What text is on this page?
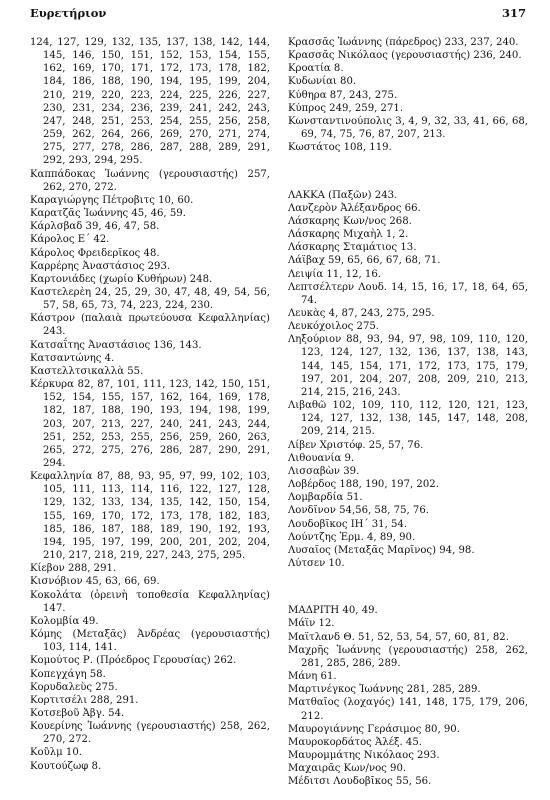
Ευρετήριον	317

124, 127, 129, 132, 135, 137, 138, 142, 144, 145, 146, 150, 151, 152, 153, 154, 155, 162, 169, 170, 171, 172, 173, 178, 182, 184, 186, 188, 190, 194, 195, 199, 204, 210, 219, 220, 223, 224, 225, 226, 227, 230, 231, 234, 236, 239, 241, 242, 243, 247, 248, 251, 253, 254, 255, 256, 258, 259, 262, 264, 266, 269, 270, 271, 274, 275, 277, 278, 286, 287, 288, 289, 291, 292, 293, 294, 295.

Καππάδοκας Ἰωάννης (γερουσιαστής) 257, 262, 270, 272.

Καραγιώργης Πέτροβιτς 10, 60.

Καρατζᾶς Ἰωάννης 45, 46, 59.

Κάρλσβαδ 39, 46, 47, 58.

Κάρολος Ε΄ 42.

Κάρολος Φρειδερῖκος 48.

Καρρέρης Ἀναστάσιος 293.

Καρτονιάδες (χωρίο Κυθήρων) 248.

Καστελερὲη 24, 25, 29, 30, 47, 48, 49, 54, 56, 57, 58, 65, 73, 74, 223, 224, 230.

Κάστρον (παλαιὰ πρωτεύουσα Κεφαλληνίας) 243.

Κατσαΐτης Ἀναστάσιος 136, 143.

Κατσαντώνης 4.

Καστελλτσικαλλὰ 55.

Κέρκυρα 82, 87, 101, 111, 123, 142, 150, 151, 152, 154, 155, 157, 162, 164, 169, 178, 182, 187, 188, 190, 193, 194, 198, 199, 203, 207, 213, 227, 240, 241, 243, 244, 251, 252, 253, 255, 256, 259, 260, 263, 265, 272, 275, 276, 286, 287, 290, 291, 294.

Κεφαλληνία 87, 88, 93, 95, 97, 99, 102, 103, 105, 111, 113, 114, 116, 122, 127, 128, 129, 132, 133, 134, 135, 142, 150, 154, 155, 169, 170, 172, 173, 178, 182, 183, 185, 186, 187, 188, 189, 190, 192, 193, 194, 195, 197, 199, 200, 201, 202, 204, 210, 217, 218, 219, 227, 243, 275, 295.

Κίεβον 288, 291.

Κισνόβιον 45, 63, 66, 69.

Κοκολάτα (ὀρεινὴ τοποθεσία Κεφαλληνίας) 147.

Κολομβία 49.

Κόμης (Μεταξᾶς) Ἀνδρέας (γερουσιαστής) 103, 114, 141.

Κομούτος Ρ. (Πρόεδρος Γερουσίας) 262.

Κοπεγχάγη 58.

Κορυδαλεὺς 275.

Κορτιτσέλι 288, 291.

Κοτσεβοῦ Ἀβγ. 54.

Κουερίνης Ἰωάννης (γερουσιαστής) 258, 262, 270, 272.

Κοῦλμ 10.

Κουτούζωφ 8.

Κρασσᾶς Ἰωάννης (πάρεδρος) 233, 237, 240.

Κρασσᾶς Νικόλαος (γερουσιαστής) 236, 240.

Κροατία 8.

Κυδωνίαι 80.

Κύθηρα 87, 243, 275.

Κύπρος 249, 259, 271.

Κωνσταντινούπολις 3, 4, 9, 32, 33, 41, 66, 68, 69, 74, 75, 76, 87, 207, 213.

Κωστάτος 108, 119.

ΛΑΚΚΑ (Παξῶν) 243.

Λανζερὸν Ἀλέξανδρος 66.

Λάσκαρης Κων/νος 268.

Λάσκαρης Μιχαὴλ 1, 2.

Λάσκαρης Σταμάτιος 13.

Λάϊβαχ 59, 65, 66, 67, 68, 71.

Λειψία 11, 12, 16.

Λεπτσέλτερν Λουδ. 14, 15, 16, 17, 18, 64, 65, 74.

Λευκὰς 4, 87, 243, 275, 295.

Λευκόχοιλος 275.

Ληξούριον 88, 93, 94, 97, 98, 109, 110, 120, 123, 124, 127, 132, 136, 137, 138, 143, 144, 145, 154, 171, 172, 173, 175, 179, 197, 201, 204, 207, 208, 209, 210, 213, 214, 215, 216, 243.

Λιβαθῶ 102, 109, 110, 112, 120, 121, 123, 124, 127, 132, 138, 145, 147, 148, 208, 209, 214, 215.

Λίβεν Χριστόφ. 25, 57, 76.

Λιθουανία 9.

Λισσαβὼν 39.

Λοβέρδος 188, 190, 197, 202.

Λομβαρδία 51.

Λονδῖνον 54,56, 58, 75, 76.

Λουδοβῖκος ΙΗ΄ 31, 54.

Λούντζης Ἑρμ. 4, 89, 90.

Λυσαῖος (Μεταξᾶς Μαρῖνος) 94, 98.

Λύτσεν 10.

ΜΑΔΡΙΤΗ 40, 49.

Μάϊν 12.

Μαϊτλανδ Θ. 51, 52, 53, 54, 57, 60, 81, 82.

Μαχρῆς Ἰωάννης (γερουσιαστής) 258, 262, 281, 285, 286, 289.

Μάνη 61.

Μαρτινέγκος Ἰωάννης 281, 285, 289.

Ματθαῖος (λοχαγός) 141, 148, 175, 179, 206, 212.

Μαυρογιάννης Γεράσιμος 80, 90.

Μαυροκορδάτος Ἀλέξ. 45.

Μαυρομμάτης Νικόλαος 293.

Μαχαιρᾶς Κων/νος 90.

Μέδιτσι Λουδοβῖκος 55, 56.
